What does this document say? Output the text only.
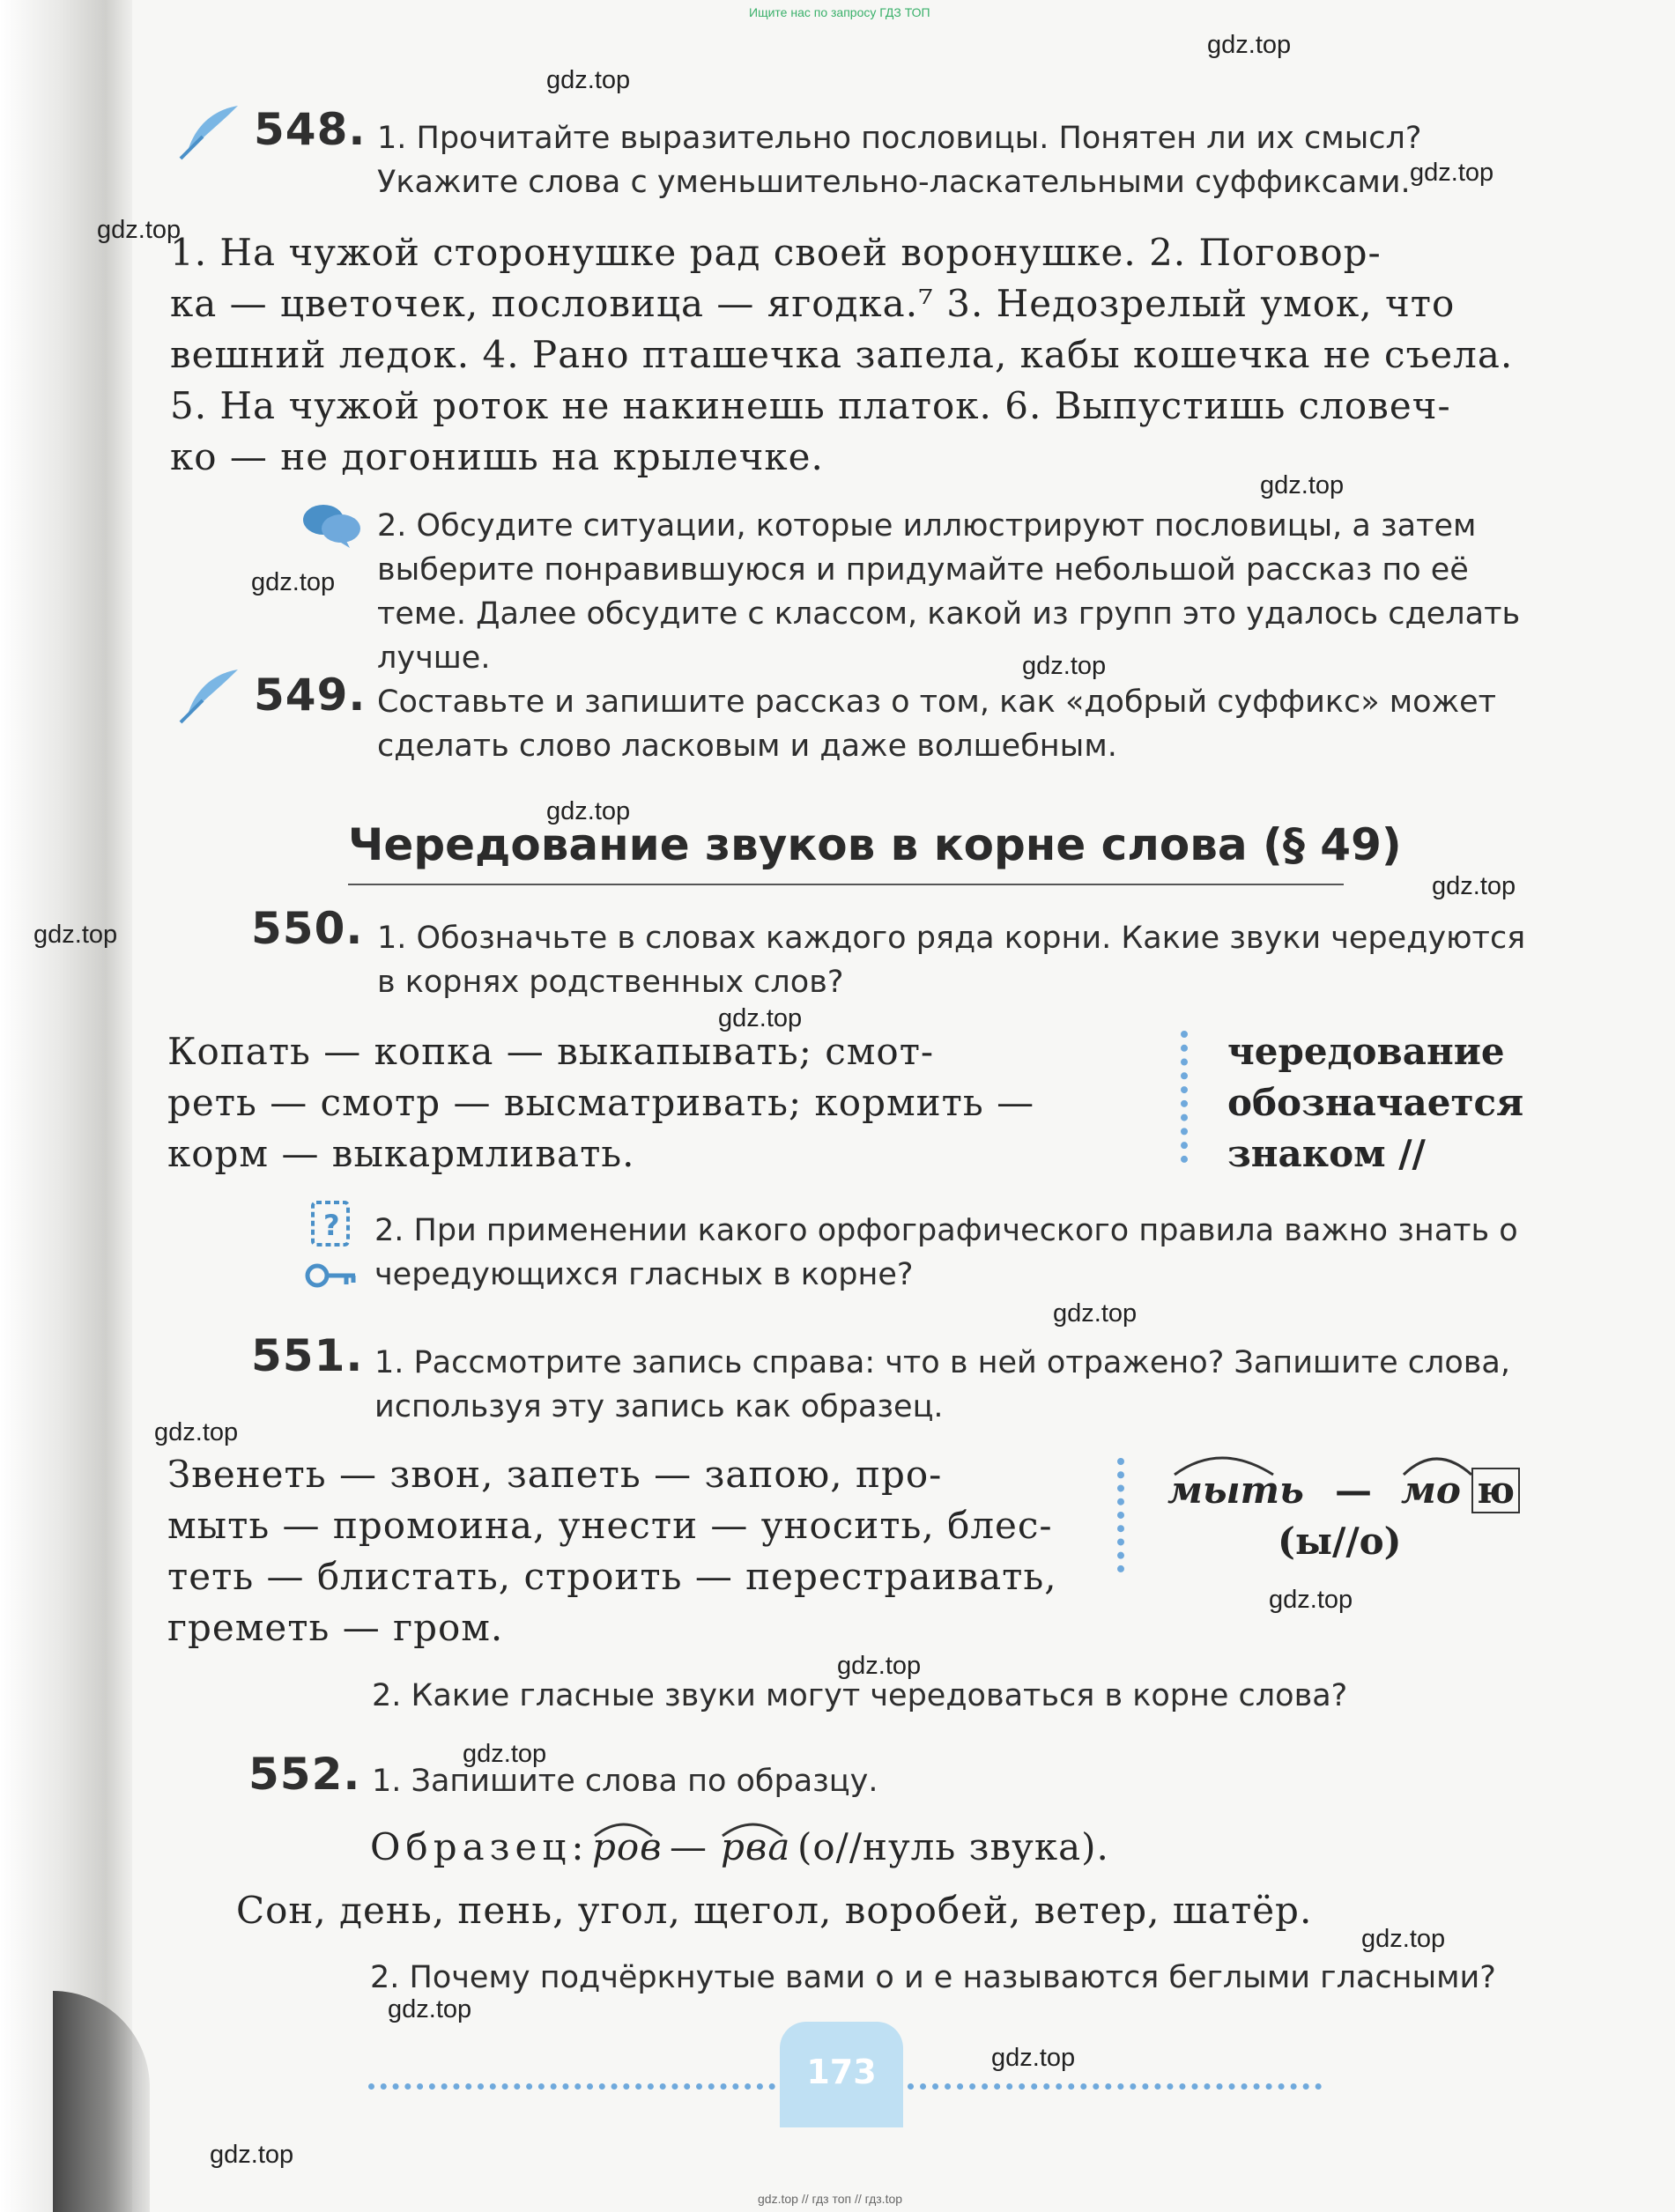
Ищите нас по запросу ГДЗ ТОП
gdz.top
gdz.top
gdz.top
gdz.top
gdz.top
gdz.top
gdz.top
gdz.top
gdz.top
gdz.top
gdz.top
gdz.top
gdz.top
gdz.top
gdz.top
gdz.top
gdz.top
gdz.top
gdz.top
gdz.top
548. 1. Прочитайте выразительно пословицы. Понятен ли их смысл? Укажите слова с уменьшительно-ласкательными суффиксами.
1. На чужой сторонушке рад своей воронушке. 2. Поговор-
ка — цветочек, пословица — ягодка.⁷ 3. Недозрелый умок, что
вешний ледок. 4. Рано пташечка запела, кабы кошечка не съела.
5. На чужой роток не накинешь платок. 6. Выпустишь словеч-
ко — не догонишь на крылечке.
2. Обсудите ситуации, которые иллюстрируют пословицы, а затем выберите понравившуюся и придумайте небольшой рассказ по её теме. Далее обсудите с классом, какой из групп это удалось сделать лучше.
549. Составьте и запишите рассказ о том, как «добрый суффикс» может сделать слово ласковым и даже волшебным.
Чередование звуков в корне слова (§ 49)
550. 1. Обозначьте в словах каждого ряда корни. Какие звуки чередуются в корнях родственных слов?
Копать — копка — выкапывать; смот-
реть — смотр — высматривать; кормить —
корм — выкармливать.
чередование
обозначается
знаком //
? 2. При применении какого орфографического правила важно знать о чередующихся гласных в корне?
551. 1. Рассмотрите запись справа: что в ней отражено? Запишите слова, используя эту запись как образец.
Звенеть — звон, запеть — запою, про-
мыть — промоина, унести — уносить, блес-
теть — блистать, строить — перестраивать,
греметь — гром.
мыть — мо ю
(ы//о)
2. Какие гласные звуки могут чередоваться в корне слова?
552. 1. Запишите слова по образцу.
Образец: ров — рва (о//нуль звука).
Сон, день, пень, угол, щегол, воробей, ветер, шатёр.
2. Почему подчёркнутые вами о и е называются беглыми гласными?
173
gdz.top // гдз топ // гдз.top
